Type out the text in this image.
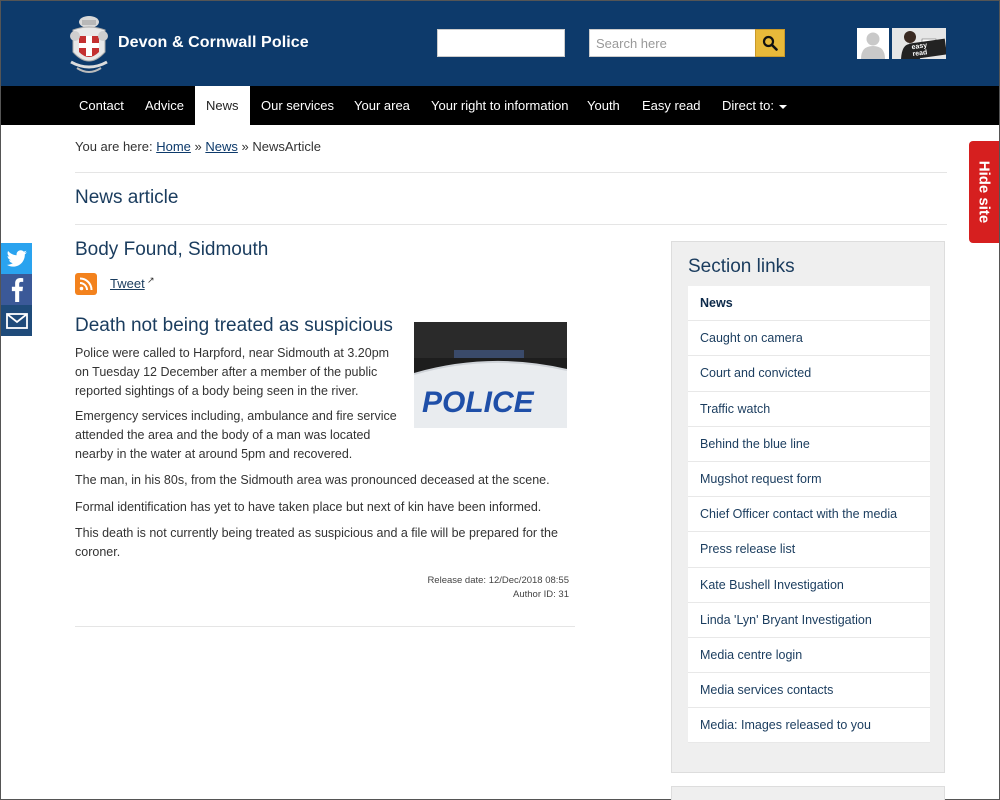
Devon & Cornwall Police
Search here	easy read
Contact	Advice	News	Our services	Your area	Your right to information	Youth	Easy read	Direct to:
You are here: Home » News » NewsArticle
News article
Body Found, Sidmouth
Tweet ↗
Death not being treated as suspicious
POLICE
Police were called to Harpford, near Sidmouth at 3.20pm
on Tuesday 12 December after a member of the public
reported sightings of a body being seen in the river.
Emergency services including, ambulance and fire service
attended the area and the body of a man was located
nearby in the water at around 5pm and recovered.
The man, in his 80s, from the Sidmouth area was pronounced deceased at the scene.
Formal identification has yet to have taken place but next of kin have been informed.
This death is not currently being treated as suspicious and a file will be prepared for the
coroner.
Release date: 12/Dec/2018 08:55
Author ID: 31
Section links
News
Caught on camera
Court and convicted
Traffic watch
Behind the blue line
Mugshot request form
Chief Officer contact with the media
Press release list
Kate Bushell Investigation
Linda 'Lyn' Bryant Investigation
Media centre login
Media services contacts
Media: Images released to you
Hide site
